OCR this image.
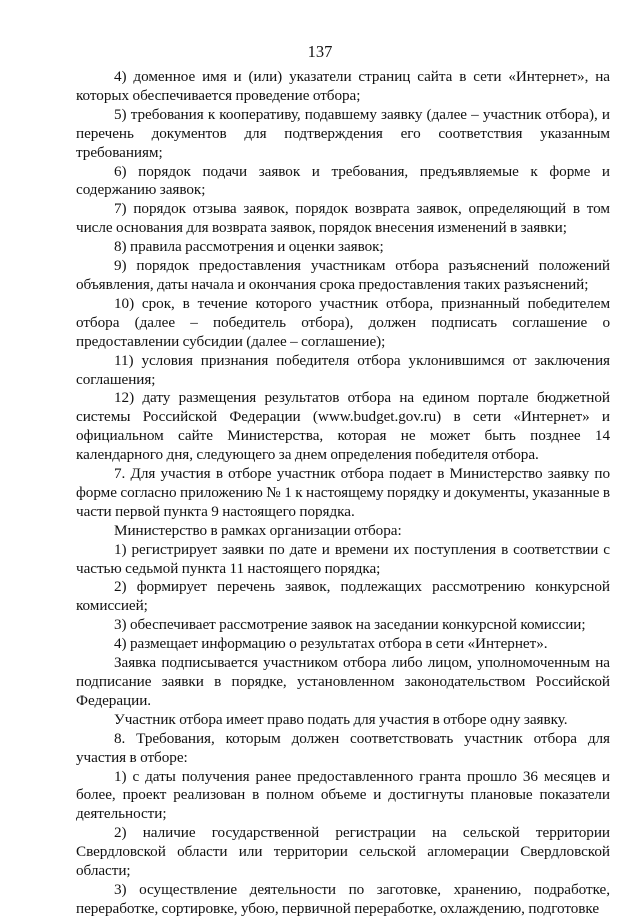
137

4) доменное имя и (или) указатели страниц сайта в сети «Интернет», на которых обеспечивается проведение отбора;

5) требования к кооперативу, подавшему заявку (далее – участник отбора), и перечень документов для подтверждения его соответствия указанным требованиям;

6) порядок подачи заявок и требования, предъявляемые к форме и содержанию заявок;

7) порядок отзыва заявок, порядок возврата заявок, определяющий в том числе основания для возврата заявок, порядок внесения изменений в заявки;

8) правила рассмотрения и оценки заявок;

9) порядок предоставления участникам отбора разъяснений положений объявления, даты начала и окончания срока предоставления таких разъяснений;

10) срок, в течение которого участник отбора, признанный победителем отбора (далее – победитель отбора), должен подписать соглашение о предоставлении субсидии (далее – соглашение);

11) условия признания победителя отбора уклонившимся от заключения соглашения;

12) дату размещения результатов отбора на едином портале бюджетной системы Российской Федерации (www.budget.gov.ru) в сети «Интернет» и официальном сайте Министерства, которая не может быть позднее 14 календарного дня, следующего за днем определения победителя отбора.

7. Для участия в отборе участник отбора подает в Министерство заявку по форме согласно приложению № 1 к настоящему порядку и документы, указанные в части первой пункта 9 настоящего порядка.

Министерство в рамках организации отбора:

1) регистрирует заявки по дате и времени их поступления в соответствии с частью седьмой пункта 11 настоящего порядка;

2) формирует перечень заявок, подлежащих рассмотрению конкурсной комиссией;

3) обеспечивает рассмотрение заявок на заседании конкурсной комиссии;

4) размещает информацию о результатах отбора в сети «Интернет».

Заявка подписывается участником отбора либо лицом, уполномоченным на подписание заявки в порядке, установленном законодательством Российской Федерации.

Участник отбора имеет право подать для участия в отборе одну заявку.

8. Требования, которым должен соответствовать участник отбора для участия в отборе:

1) с даты получения ранее предоставленного гранта прошло 36 месяцев и более, проект реализован в полном объеме и достигнуты плановые показатели деятельности;

2) наличие государственной регистрации на сельской территории Свердловской области или территории сельской агломерации Свердловской области;

3) осуществление деятельности по заготовке, хранению, подработке, переработке, сортировке, убою, первичной переработке, охлаждению, подготовке
